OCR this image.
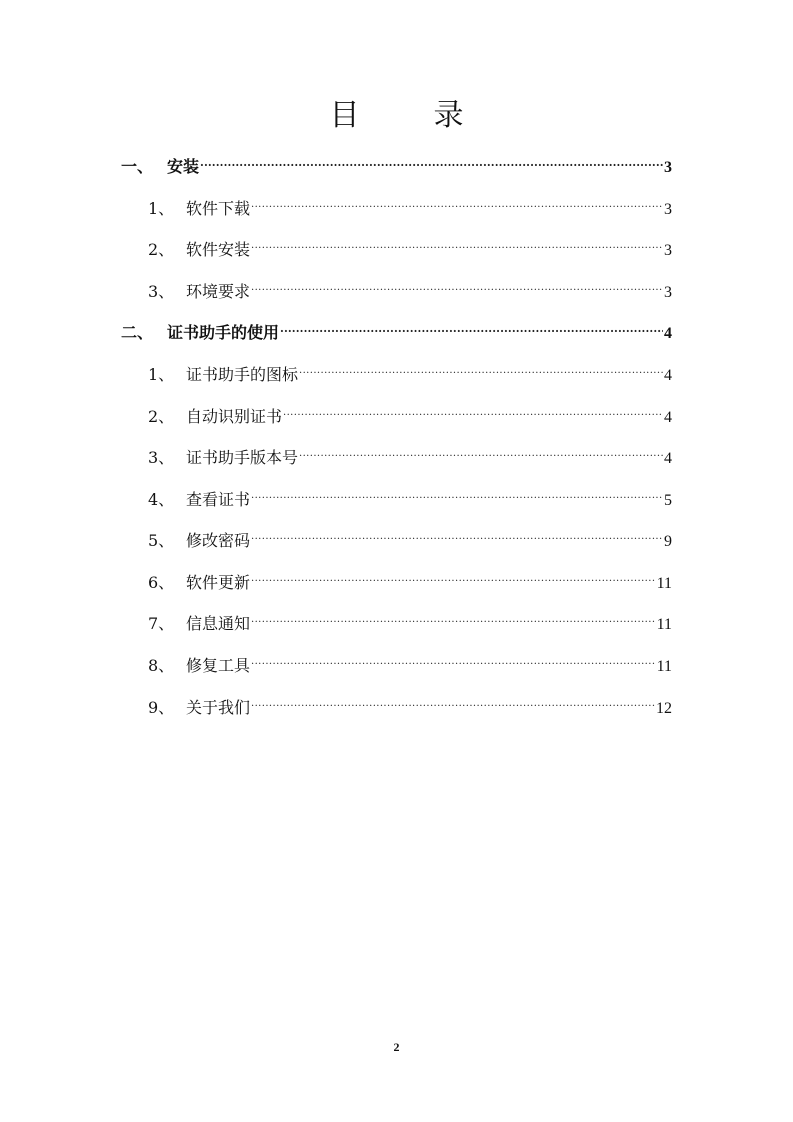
目　录
一、 安装 .....	3
1、 软件下载 .....	3
2、 软件安装 .....	3
3、 环境要求 .....	3
二、 证书助手的使用 .....	4
1、 证书助手的图标 .....	4
2、 自动识别证书 .....	4
3、 证书助手版本号 .....	4
4、 查看证书 .....	5
5、 修改密码 .....	9
6、 软件更新 .....	11
7、 信息通知 .....	11
8、 修复工具 .....	11
9、 关于我们 .....	12
2
